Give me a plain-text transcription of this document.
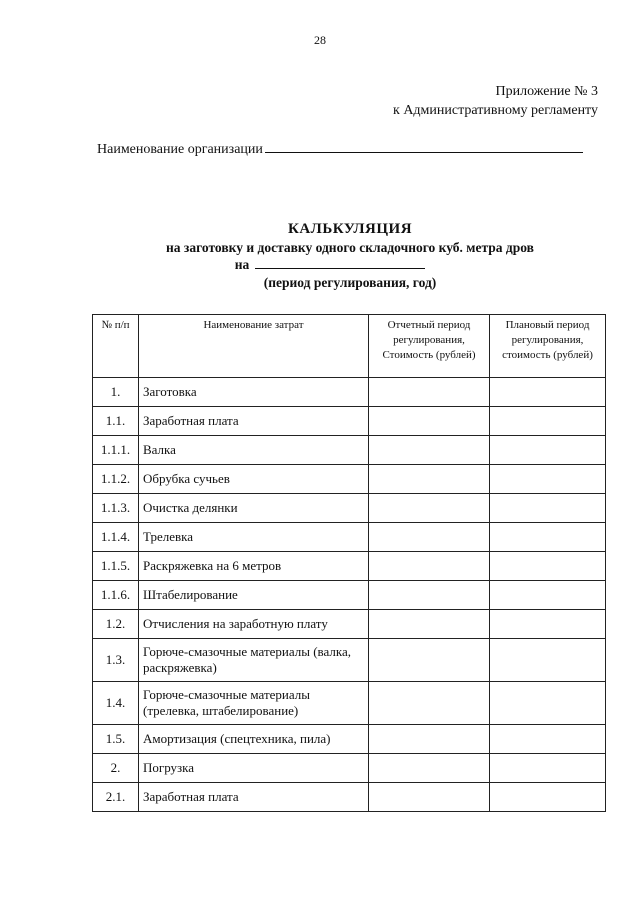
28
Приложение № 3
к Административному регламенту
Наименование организации
КАЛЬКУЛЯЦИЯ
на заготовку и доставку одного складочного куб. метра дров
на
(период регулирования, год)
№ п/п	Наименование затрат	Отчетный период регулирования, Стоимость (рублей)	Плановый период регулирования, стоимость (рублей)
1.	Заготовка		
1.1.	Заработная плата		
1.1.1.	Валка		
1.1.2.	Обрубка сучьев		
1.1.3.	Очистка делянки		
1.1.4.	Трелевка		
1.1.5.	Раскряжевка на 6 метров		
1.1.6.	Штабелирование		
1.2.	Отчисления на заработную плату		
1.3.	Горюче-смазочные материалы (валка, раскряжевка)		
1.4.	Горюче-смазочные материалы (трелевка, штабелирование)		
1.5.	Амортизация (спецтехника, пила)		
2.	Погрузка		
2.1.	Заработная плата		
